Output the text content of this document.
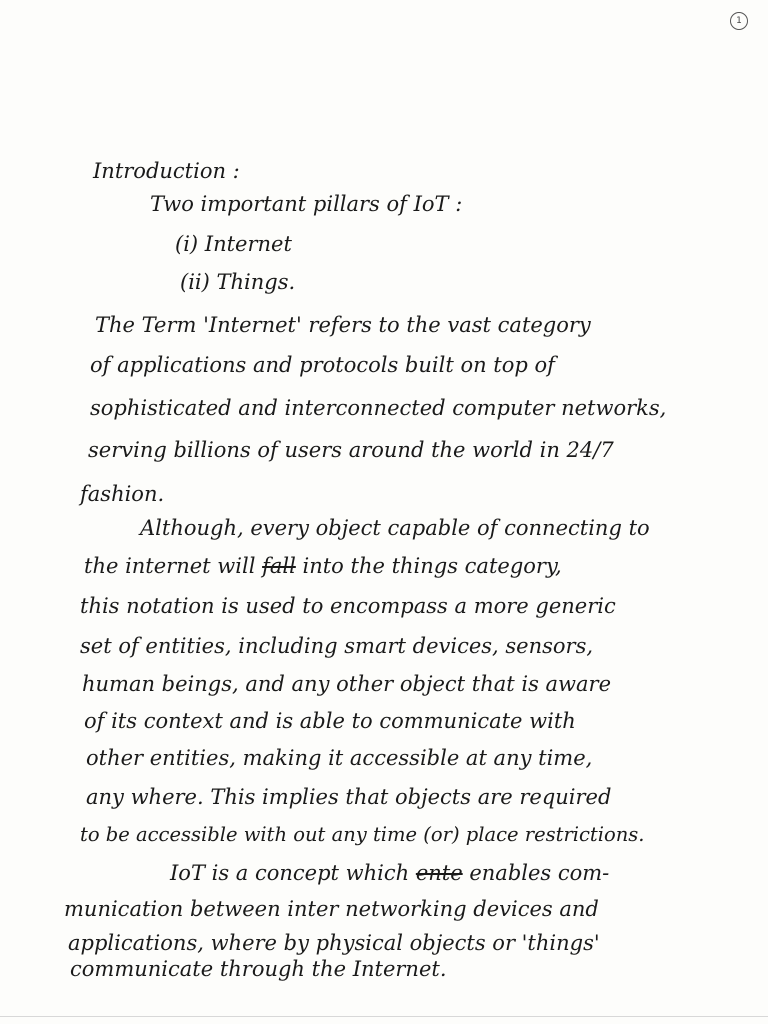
1

Introduction :

Two important pillars of IoT :

(i) Internet

(ii) Things.

The Term 'Internet' refers to the vast category

of applications and protocols built on top of

sophisticated and interconnected computer networks,

serving billions of users around the world in 24/7

fashion.

Although, every object capable of connecting to

the internet will fall into the things category,

this notation is used to encompass a more generic

set of entities, including smart devices, sensors,

human beings, and any other object that is aware

of its context and is able to communicate with

other entities, making it accessible at any time,

any where. This implies that objects are required

to be accessible with out any time (or) place restrictions.

IoT is a concept which ente enables com-

munication between inter networking devices and

applications, where by physical objects or 'things'

communicate through the Internet.
